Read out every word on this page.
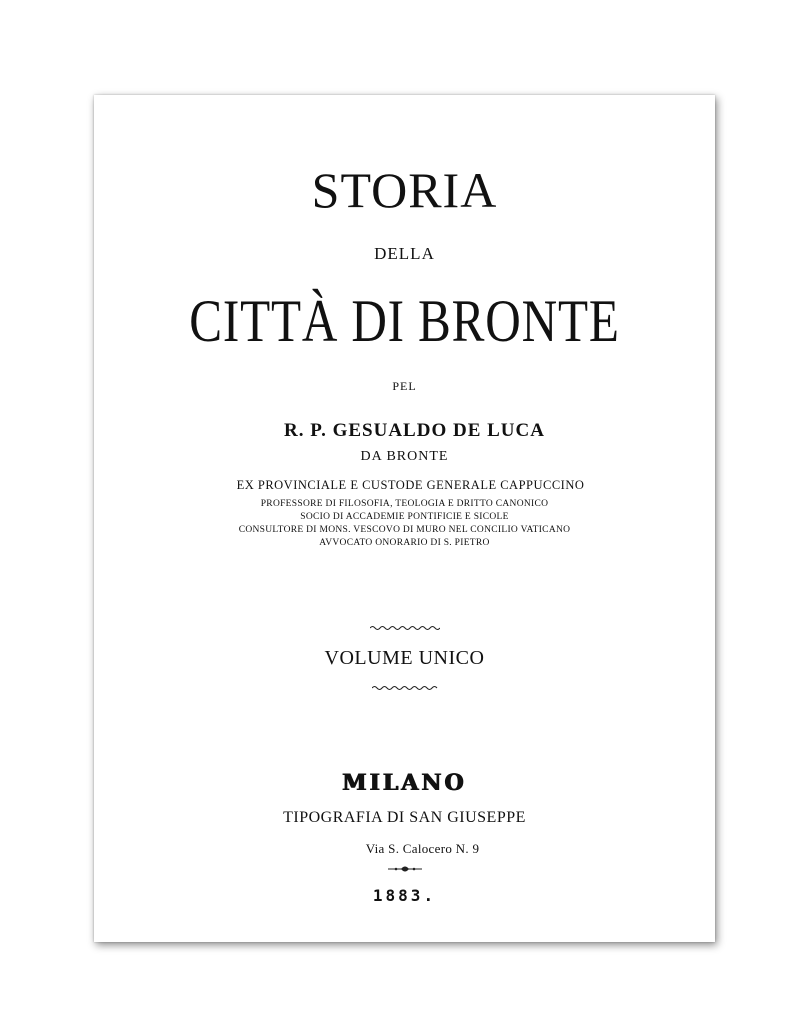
STORIA
DELLA
CITTÀ DI BRONTE
PEL
R. P. GESUALDO DE LUCA
DA BRONTE
EX PROVINCIALE E CUSTODE GENERALE CAPPUCCINO
PROFESSORE DI FILOSOFIA, TEOLOGIA E DRITTO CANONICO
SOCIO DI ACCADEMIE PONTIFICIE E SICOLE
CONSULTORE DI MONS. VESCOVO DI MURO NEL CONCILIO VATICANO
AVVOCATO ONORARIO DI S. PIETRO
VOLUME UNICO
MILANO
TIPOGRAFIA DI SAN GIUSEPPE
Via S. Calocero N. 9
1883.
